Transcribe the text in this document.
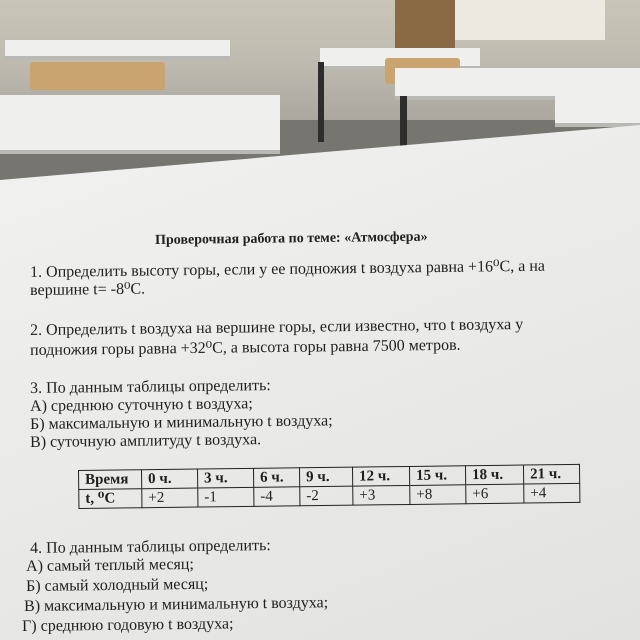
Проверочная работа по теме: «Атмосфера»
1. Определить высоту горы, если у ее подножия t воздуха равна +16⁰С, а на
вершине t= -8⁰С.
2. Определить t воздуха на вершине горы, если известно, что t воздуха у
подножия горы равна +32⁰С, а высота горы равна 7500 метров.
3. По данным таблицы определить:
А) среднюю суточную t воздуха;
Б) максимальную и минимальную t воздуха;
В) суточную амплитуду t воздуха.
Время	0 ч.	3 ч.	6 ч.	9 ч.	12 ч.	15 ч.	18 ч.	21 ч.
t, ⁰С	+2	-1	-4	-2	+3	+8	+6	+4
4. По данным таблицы определить:
А) самый теплый месяц;
Б) самый холодный месяц;
В) максимальную и минимальную t воздуха;
Г) среднюю годовую t воздуха;
